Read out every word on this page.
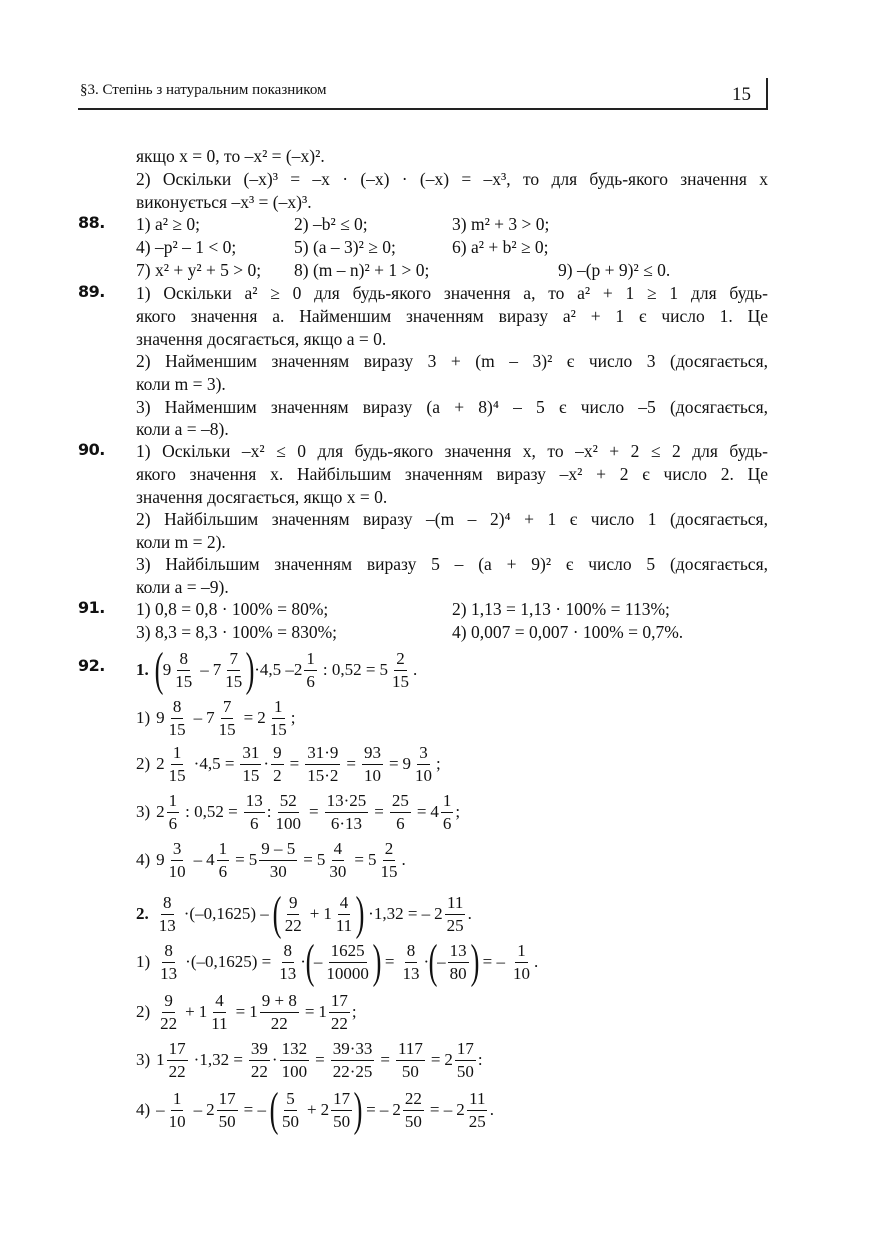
§3. Степінь з натуральним показником	15
якщо x = 0, то –x² = (–x)².
2) Оскільки (–x)³ = –x · (–x) · (–x) = –x³, то для будь-якого значення x
виконується –x³ = (–x)³.
88. 1) a² ≥ 0;	2) –b² ≤ 0;	3) m² + 3 > 0;
4) –p² – 1 < 0;	5) (a – 3)² ≥ 0;	6) a² + b² ≥ 0;
7) x² + y² + 5 > 0; 8) (m – n)² + 1 > 0;	9) –(p + 9)² ≤ 0.
89. 1) Оскільки a² ≥ 0 для будь-якого значення a, то a² + 1 ≥ 1 для будь-
якого значення a. Найменшим значенням виразу a² + 1 є число 1. Це
значення досягається, якщо a = 0.
2) Найменшим значенням виразу 3 + (m – 3)² є число 3 (досягається,
коли m = 3).
3) Найменшим значенням виразу (a + 8)⁴ – 5 є число –5 (досягається,
коли a = –8).
90. 1) Оскільки –x² ≤ 0 для будь-якого значення x, то –x² + 2 ≤ 2 для будь-
якого значення x. Найбільшим значенням виразу –x² + 2 є число 2. Це
значення досягається, якщо x = 0.
2) Найбільшим значенням виразу –(m – 2)⁴ + 1 є число 1 (досягається,
коли m = 2).
3) Найбільшим значенням виразу 5 – (a + 9)² є число 5 (досягається,
коли a = –9).
91. 1) 0,8 = 0,8 · 100% = 80%;	2) 1,13 = 1,13 · 100% = 113%;
3) 8,3 = 8,3 · 100% = 830%;	4) 0,007 = 0,007 · 100% = 0,7%.
92. 1. ( $9 \frac{8}{15} - 7 \frac{7}{15}$ ) $\cdot 4,5 - 2 \frac{1}{6}$ : $0,52 = 5 \frac{2}{15}$ .
1) $9 \frac{8}{15} - 7 \frac{7}{15} = 2 \frac{1}{15}$ ;
2) $2 \frac{1}{15} \cdot 4,5 = \frac{31}{15} \cdot \frac{9}{2} = \frac{31\cdot 9}{15\cdot 2} = \frac{93}{10} = 9 \frac{3}{10}$ ;
3) $2 \frac{1}{6}$ : $0,52 = \frac{13}{6}$ : $\frac{52}{100} = \frac{13\cdot 25}{6\cdot 13} = \frac{25}{6} = 4 \frac{1}{6}$ ;
4) $9 \frac{3}{10} - 4 \frac{1}{6} = 5 \frac{9 - 5}{30} = 5 \frac{4}{30} = 5 \frac{2}{15}$ .
2. $\frac{8}{13} \cdot(-0,1625)$ – ( $\frac{9}{22} + 1 \frac{4}{11}$ ) ·1,32 = – $2 \frac{11}{25}$ .
$1) \frac{8}{13} \cdot(-0,1625) = \frac{8}{13}$ · ( – $\frac{1625}{10000}$ ) = $\frac{8}{13}$ · ( – $\frac{13}{80}$ ) = – $\frac{1}{10}$ .
$2) \frac{9}{22} + 1 \frac{4}{11} = 1 \frac{9 + 8}{22} = 1 \frac{17}{22}$ ;
3) $1 \frac{17}{22} \cdot 1,32 = \frac{39}{22} \cdot \frac{132}{100} = \frac{39\cdot 33}{22\cdot 25} = \frac{117}{50} = 2 \frac{17}{50}$ :
$4) - \frac{1}{10} - 2 \frac{17}{50}$ = – ( $\frac{5}{50} + 2 \frac{17}{50}$ ) = – $2 \frac{22}{50}$ = – $2 \frac{11}{25}$ .
